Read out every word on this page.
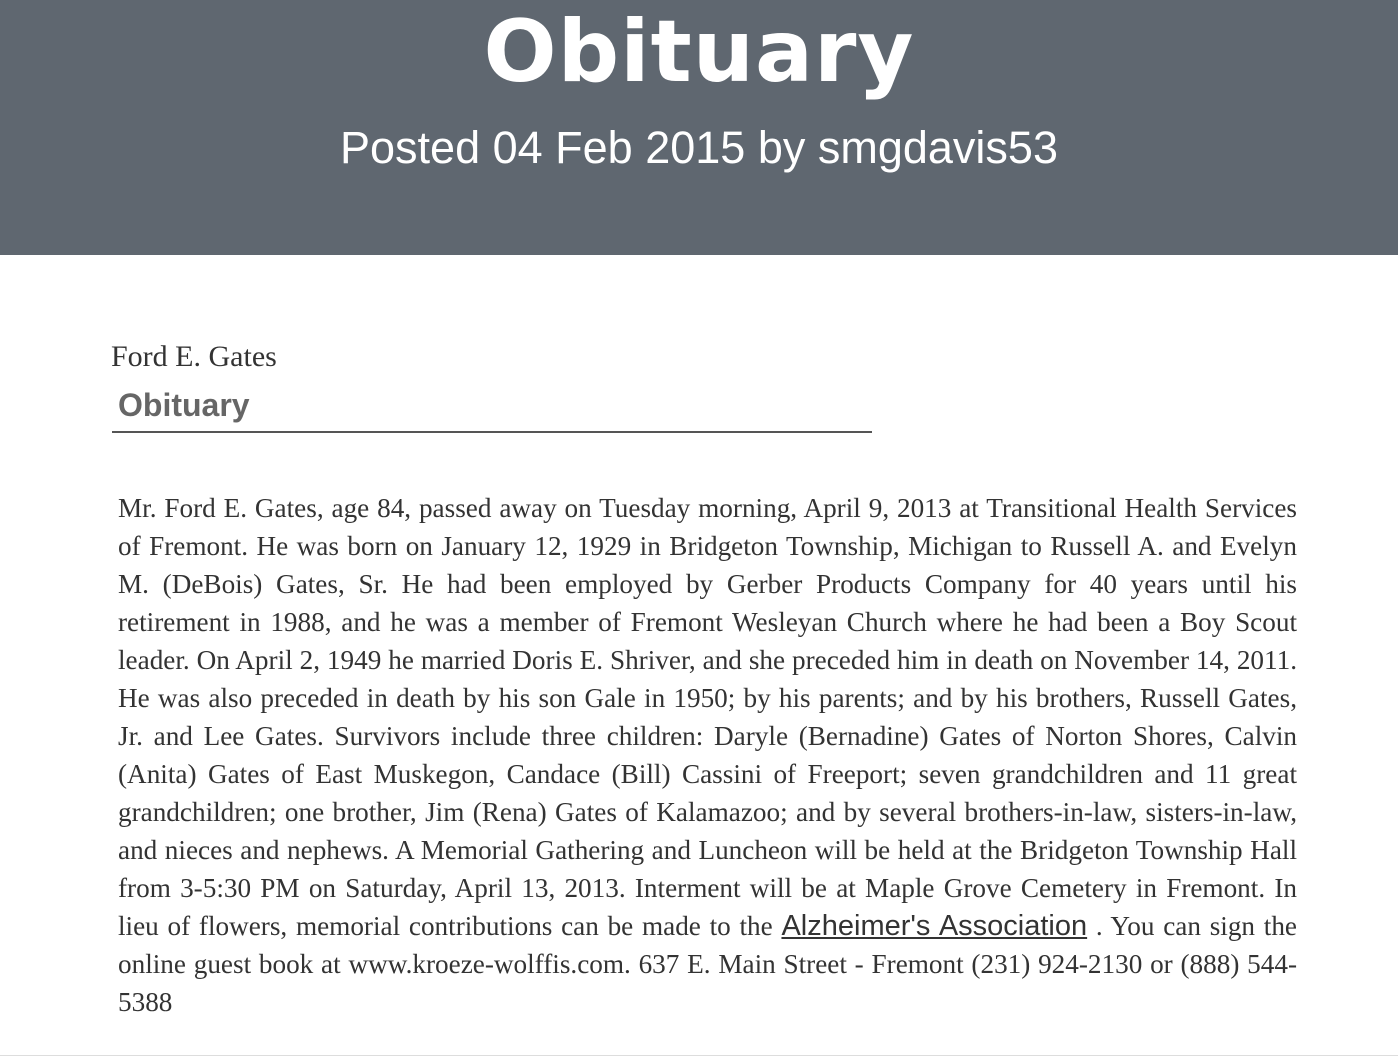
Obituary
Posted 04 Feb 2015 by smgdavis53
Ford E. Gates
Obituary

Mr. Ford E. Gates, age 84, passed away on Tuesday morning, April 9, 2013 at Transitional Health Services of Fremont. He was born on January 12, 1929 in Bridgeton Township, Michigan to Russell A. and Evelyn M. (DeBois) Gates, Sr. He had been employed by Gerber Products Company for 40 years until his retirement in 1988, and he was a member of Fremont Wesleyan Church where he had been a Boy Scout leader. On April 2, 1949 he married Doris E. Shriver, and she preceded him in death on November 14, 2011. He was also preceded in death by his son Gale in 1950; by his parents; and by his brothers, Russell Gates, Jr. and Lee Gates. Survivors include three children: Daryle (Bernadine) Gates of Norton Shores, Calvin (Anita) Gates of East Muskegon, Candace (Bill) Cassini of Freeport; seven grandchildren and 11 great grandchildren; one brother, Jim (Rena) Gates of Kalamazoo; and by several brothers-in-law, sisters-in-law, and nieces and nephews. A Memorial Gathering and Luncheon will be held at the Bridgeton Township Hall from 3-5:30 PM on Saturday, April 13, 2013. Interment will be at Maple Grove Cemetery in Fremont. In lieu of flowers, memorial contributions can be made to the Alzheimer's Association . You can sign the online guest book at www.kroeze-wolffis.com. 637 E. Main Street - Fremont (231) 924-2130 or (888) 544-5388
